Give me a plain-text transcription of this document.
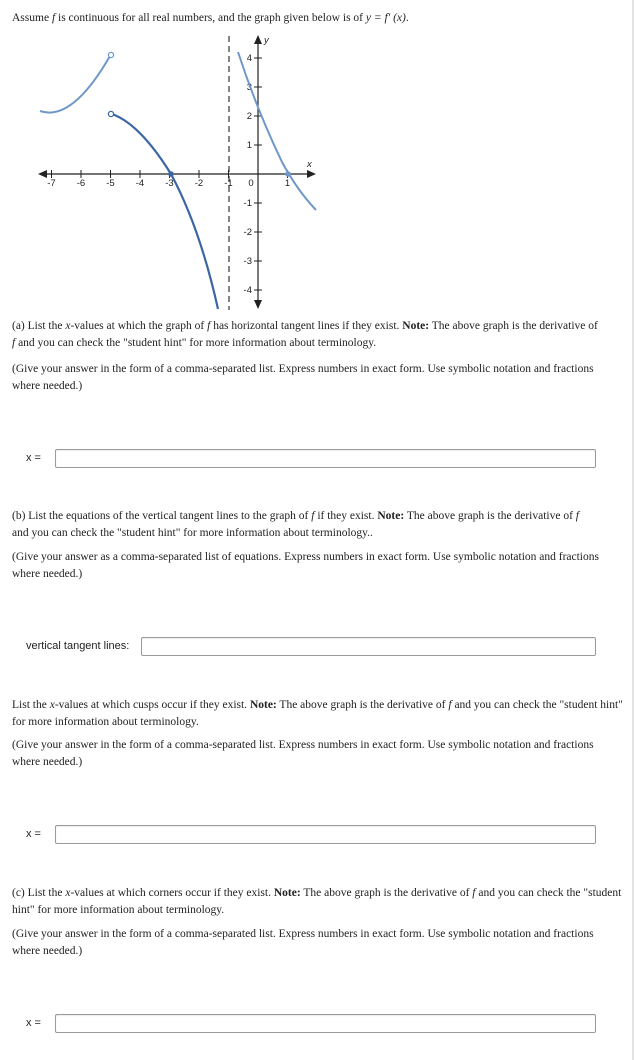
Assume f is continuous for all real numbers, and the graph given below is of y = f′ (x).
y
x
-7 -6 -5 -4 -3 -2 -1 0	1
4
3
2
1
-1
-2
-3
-4
(a) List the x-values at which the graph of f has horizontal tangent lines if they exist. Note: The above graph is the derivative of
f and you can check the "student hint" for more information about terminology.
(Give your answer in the form of a comma-separated list. Express numbers in exact form. Use symbolic notation and fractions where needed.)
x =
(b) List the equations of the vertical tangent lines to the graph of f if they exist. Note: The above graph is the derivative of f
and you can check the "student hint" for more information about terminology..
(Give your answer as a comma-separated list of equations. Express numbers in exact form. Use symbolic notation and fractions where needed.)
vertical tangent lines:
List the x-values at which cusps occur if they exist. Note: The above graph is the derivative of f and you can check the "student hint" for more information about terminology.
(Give your answer in the form of a comma-separated list. Express numbers in exact form. Use symbolic notation and fractions where needed.)
x =
(c) List the x-values at which corners occur if they exist. Note: The above graph is the derivative of f and you can check the "student hint" for more information about terminology.
(Give your answer in the form of a comma-separated list. Express numbers in exact form. Use symbolic notation and fractions where needed.)
x =
